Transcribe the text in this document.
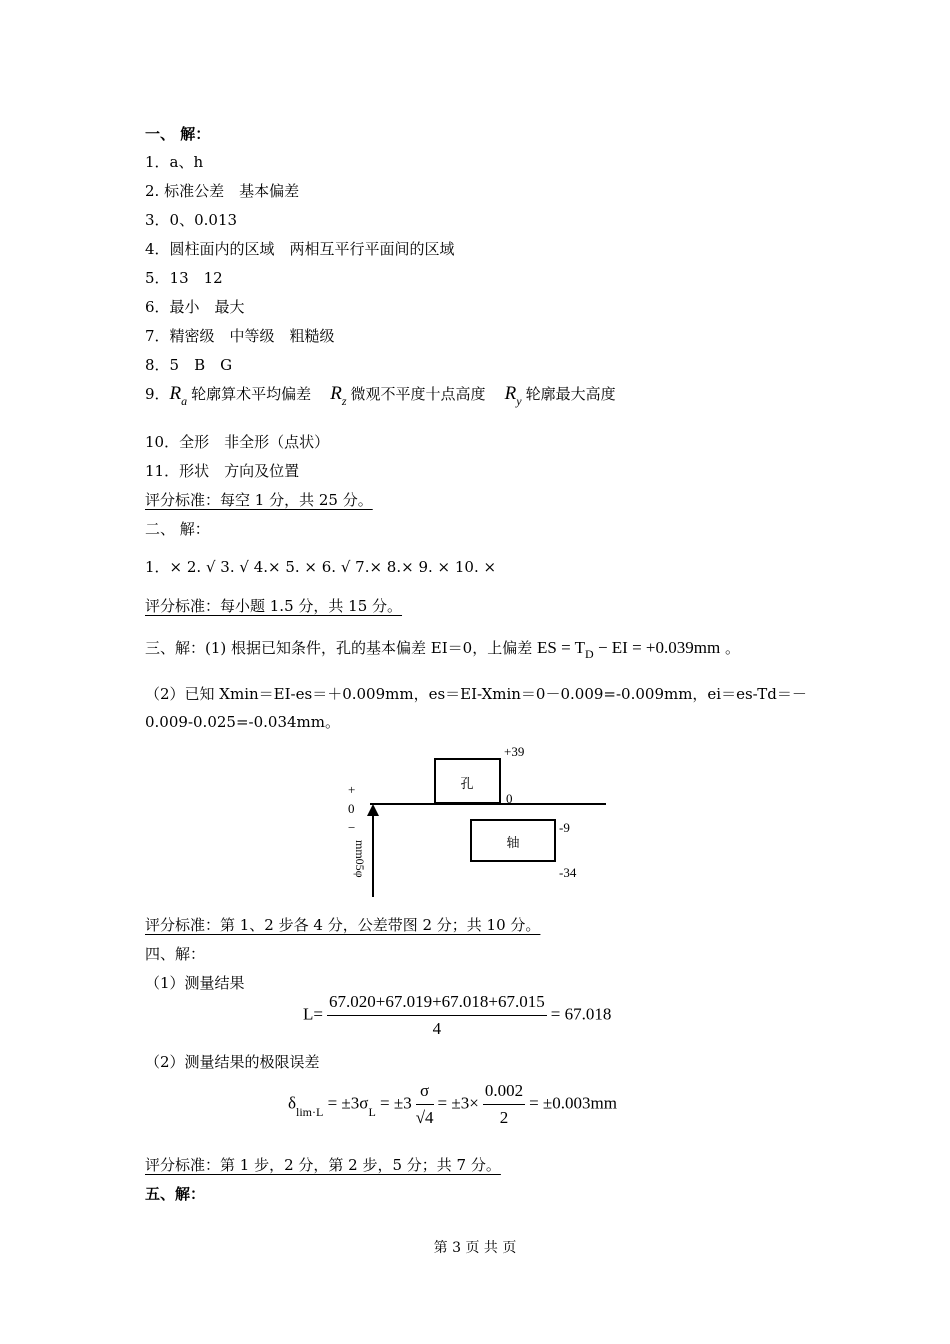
一、 解：
1．a、h
2. 标准公差　基本偏差
3．0、0.013
4．圆柱面内的区域　两相互平行平面间的区域
5．13　12
6．最小　最大
7．精密级　中等级　粗糙级
8．5　B　G
9．$R_a$ 轮廓算术平均偏差 $R_z$ 微观不平度十点高度 $R_y$ 轮廓最大高度
10．全形　非全形（点状）
11．形状　方向及位置
评分标准：每空 1 分，共 25 分。
二、 解：
1．× 2. √ 3. √ 4.× 5. × 6. √ 7.× 8.× 9. × 10. ×
评分标准：每小题 1.5 分，共 15 分。
三、解：(1) 根据已知条件，孔的基本偏差 EI＝0，上偏差 ES = $T_D$ − EI = +0.039mm 。
（2）已知 Xmin＝EI-es＝＋0.009mm，es＝EI-Xmin＝0－0.009=-0.009mm，ei＝es-Td＝－
0.009-0.025=-0.034mm。
孔
轴
+39
0
-9
-34
+
0
−
mm05φ
评分标准：第 1、2 步各 4 分，公差带图 2 分；共 10 分。
四、解：
（1）测量结果
$L= \frac{67.020+67.019+67.018+67.015}{4} = 67.018$
（2）测量结果的极限误差
$\delta_{lim\cdot L} = \pm 3\sigma_L = \pm 3 \frac{\sigma}{√4} = \pm 3\times \frac{0.002}{2} = \pm 0.003mm$
评分标准：第 1 步，2 分，第 2 步，5 分；共 7 分。
五、解：
第 3 页 共 页
